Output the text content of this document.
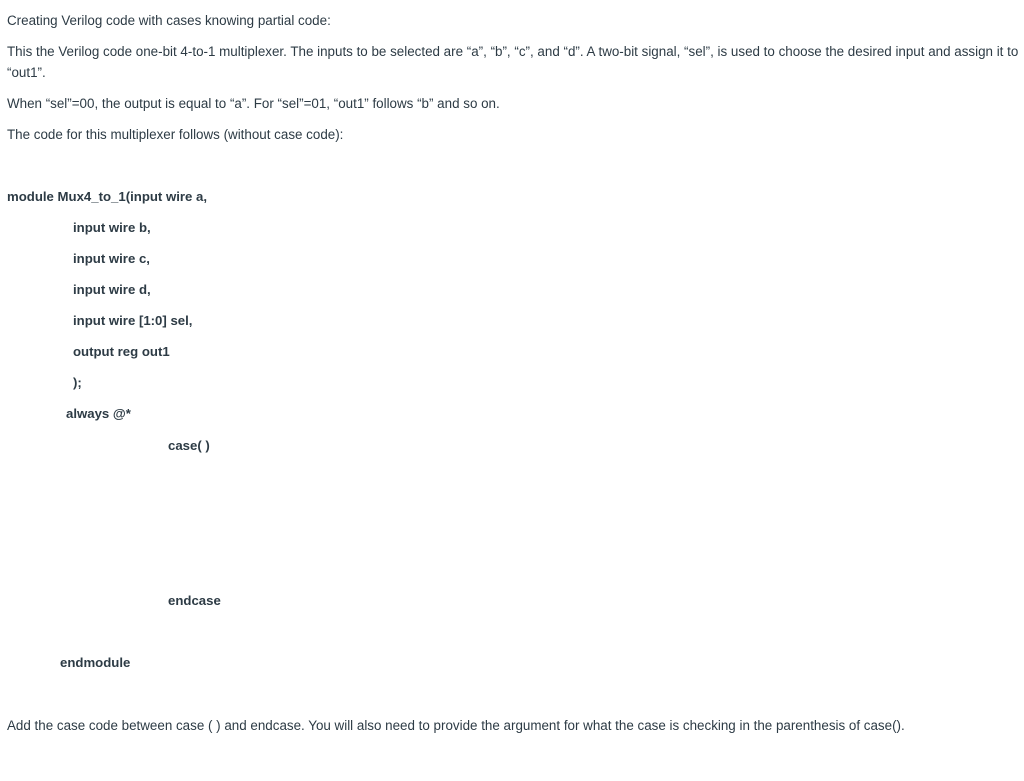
Creating Verilog code with cases knowing partial code:
This the Verilog code one-bit 4-to-1 multiplexer. The inputs to be selected are “a”, “b”, “c”, and “d”. A two-bit signal, “sel”, is used to choose the desired input and assign it to “out1”.
When “sel”=00, the output is equal to “a”. For “sel”=01, “out1” follows “b” and so on.
The code for this multiplexer follows (without case code):
module Mux4_to_1(input wire a,
input wire b,
input wire c,
input wire d,
input wire [1:0] sel,
output reg out1
);
always @*
case( )
endcase
endmodule
Add the case code between case ( ) and endcase. You will also need to provide the argument for what the case is checking in the parenthesis of case().
